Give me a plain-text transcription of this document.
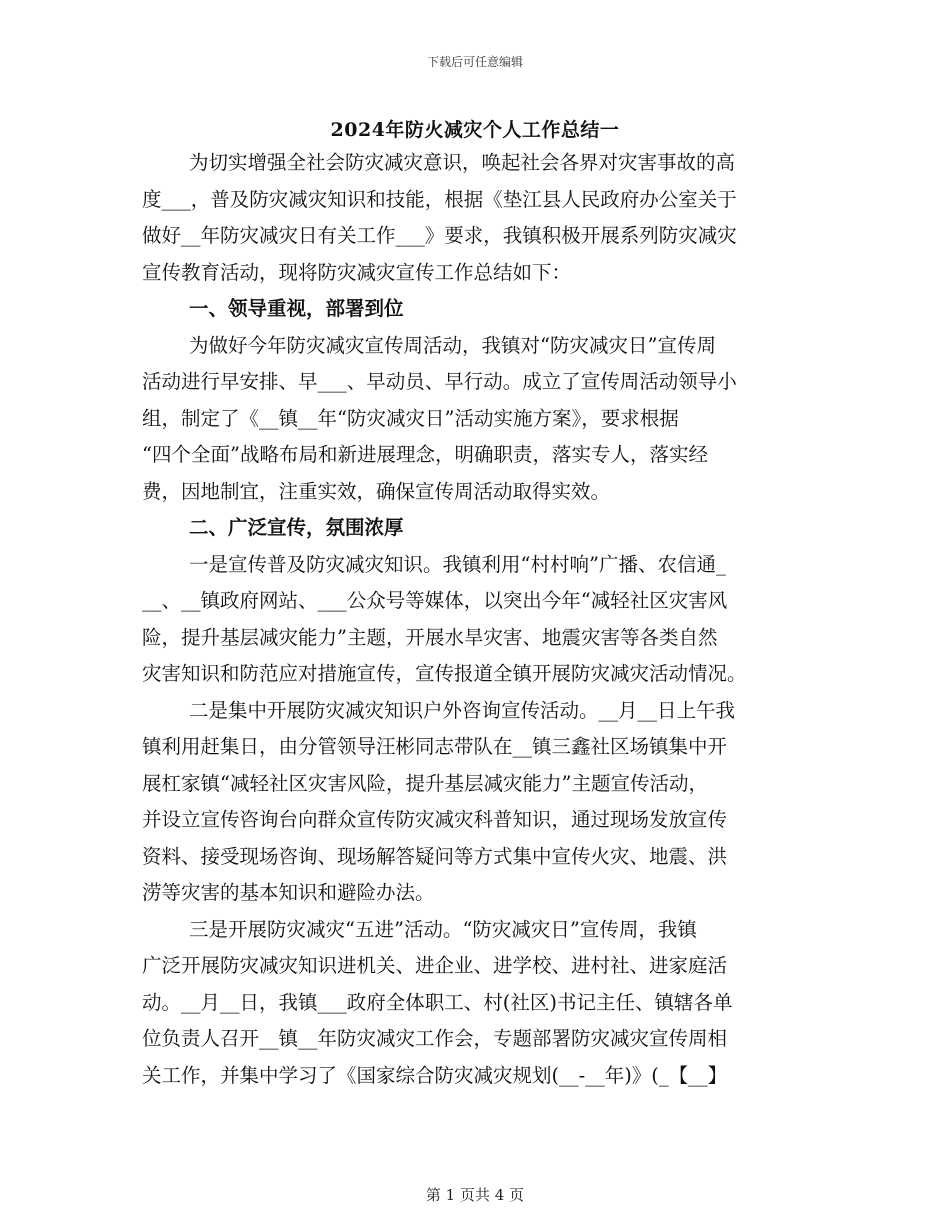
下载后可任意编辑
2024年防火减灾个人工作总结一
为切实增强全社会防灾减灾意识，唤起社会各界对灾害事故的高
度___，普及防灾减灾知识和技能，根据《垫江县人民政府办公室关于
做好__年防灾减灾日有关工作___》要求，我镇积极开展系列防灾减灾
宣传教育活动，现将防灾减灾宣传工作总结如下：
一、领导重视，部署到位
为做好今年防灾减灾宣传周活动，我镇对“防灾减灾日”宣传周
活动进行早安排、早___、早动员、早行动。成立了宣传周活动领导小
组，制定了《__镇__年“防灾减灾日”活动实施方案》，要求根据
“四个全面”战略布局和新进展理念，明确职责，落实专人，落实经
费，因地制宜，注重实效，确保宣传周活动取得实效。
二、广泛宣传，氛围浓厚
一是宣传普及防灾减灾知识。我镇利用“村村响”广播、农信通_
__、__镇政府网站、___公众号等媒体，以突出今年“减轻社区灾害风
险，提升基层减灾能力”主题，开展水旱灾害、地震灾害等各类自然
灾害知识和防范应对措施宣传，宣传报道全镇开展防灾减灾活动情况。
二是集中开展防灾减灾知识户外咨询宣传活动。__月__日上午我
镇利用赶集日，由分管领导汪彬同志带队在__镇三鑫社区场镇集中开
展杠家镇“减轻社区灾害风险，提升基层减灾能力”主题宣传活动，
并设立宣传咨询台向群众宣传防灾减灾科普知识，通过现场发放宣传
资料、接受现场咨询、现场解答疑问等方式集中宣传火灾、地震、洪
涝等灾害的基本知识和避险办法。
三是开展防灾减灾“五进”活动。“防灾减灾日”宣传周，我镇
广泛开展防灾减灾知识进机关、进企业、进学校、进村社、进家庭活
动。__月__日，我镇___政府全体职工、村(社区)书记主任、镇辖各单
位负责人召开__镇__年防灾减灾工作会，专题部署防灾减灾宣传周相
关工作，并集中学习了《国家综合防灾减灾规划(__-__年)》(_【__】
第 1 页共 4 页
